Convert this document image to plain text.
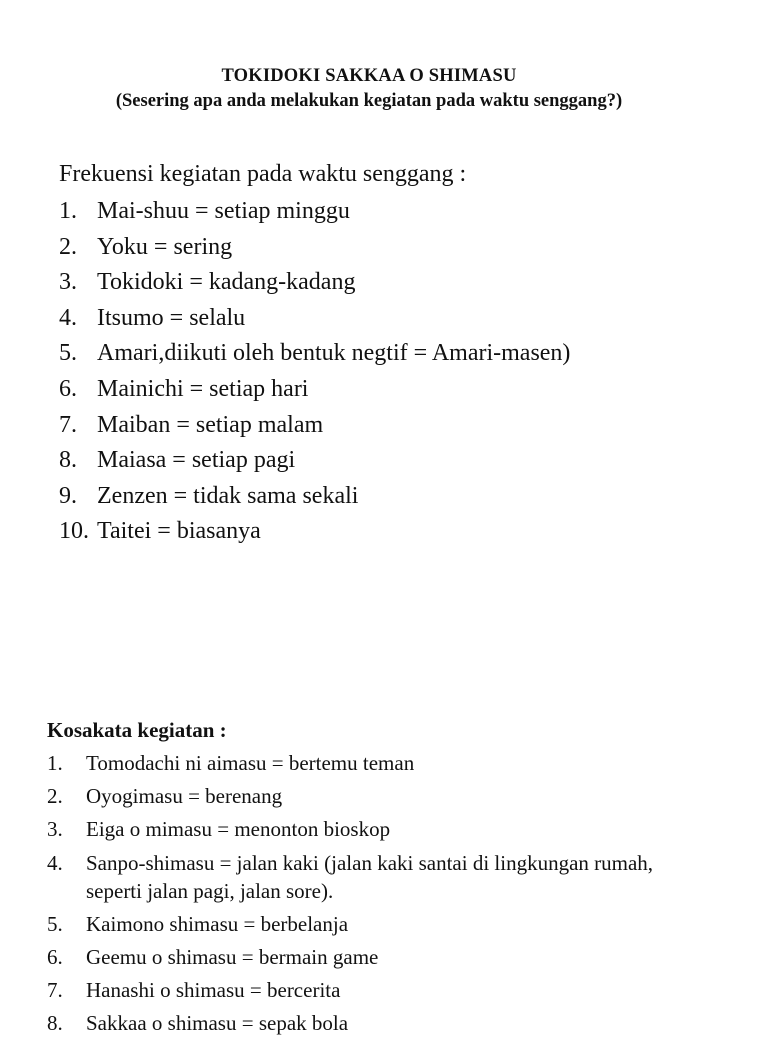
TOKIDOKI SAKKAA O SHIMASU
(Sesering apa anda melakukan kegiatan pada waktu senggang?)
Frekuensi kegiatan pada waktu senggang :
1. Mai-shuu = setiap minggu
2. Yoku = sering
3. Tokidoki = kadang-kadang
4. Itsumo = selalu
5. Amari,diikuti oleh bentuk negtif = Amari-masen)
6. Mainichi = setiap hari
7. Maiban = setiap malam
8. Maiasa = setiap pagi
9. Zenzen = tidak sama sekali
10. Taitei = biasanya
Kosakata kegiatan :
1. Tomodachi ni aimasu = bertemu teman
2. Oyogimasu = berenang
3. Eiga o mimasu = menonton bioskop
4. Sanpo-shimasu = jalan kaki (jalan kaki santai di lingkungan rumah, seperti jalan pagi, jalan sore).
5. Kaimono shimasu = berbelanja
6. Geemu o shimasu = bermain game
7. Hanashi o shimasu = bercerita
8. Sakkaa o shimasu = sepak bola
